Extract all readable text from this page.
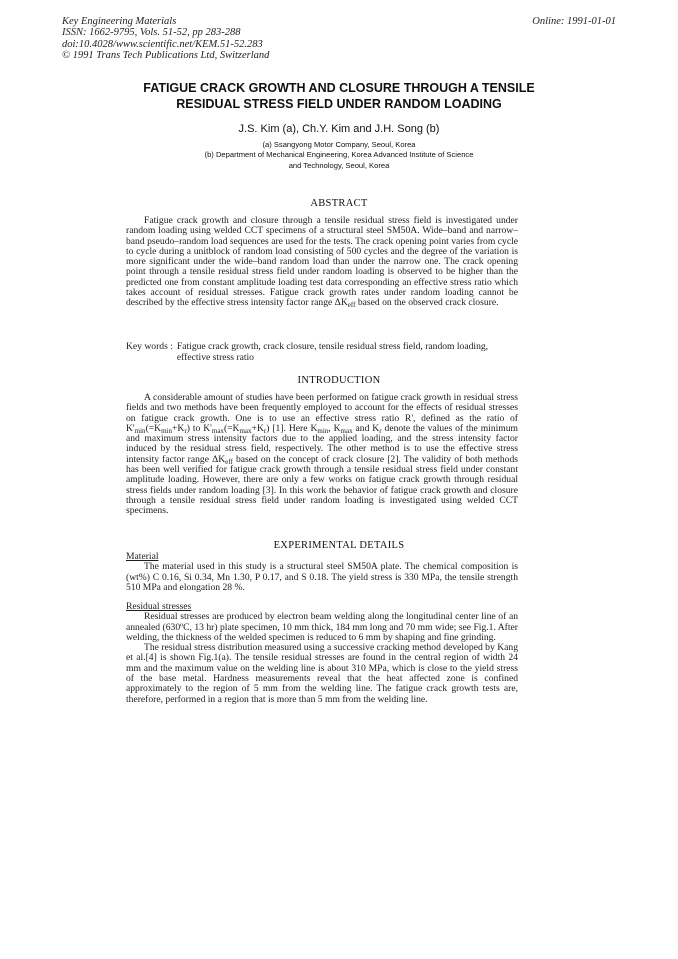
Key Engineering Materials
ISSN: 1662-9795, Vols. 51-52, pp 283-288
doi:10.4028/www.scientific.net/KEM.51-52.283
© 1991 Trans Tech Publications Ltd, Switzerland
Online: 1991-01-01
FATIGUE CRACK GROWTH AND CLOSURE THROUGH A TENSILE
RESIDUAL STRESS FIELD UNDER RANDOM LOADING
J.S. Kim (a), Ch.Y. Kim and J.H. Song (b)
(a) Ssangyong Motor Company, Seoul, Korea
(b) Department of Mechanical Engineering, Korea Advanced Institute of Science
and Technology, Seoul, Korea
ABSTRACT

Fatigue crack growth and closure through a tensile residual stress field is investigated under random loading using welded CCT specimens of a structural steel SM50A. Wide–band and narrow–band pseudo–random load sequences are used for the tests. The crack opening point varies from cycle to cycle during a unitblock of random load consisting of 500 cycles and the degree of the variation is more significant under the wide–band random load than under the narrow one. The crack opening point through a tensile residual stress field under random loading is observed to be higher than the predicted one from constant amplitude loading test data corresponding an effective stress ratio which takes account of residual stresses. Fatigue crack growth rates under random loading cannot be described by the effective stress intensity factor range $\Delta K_{eff}$ based on the observed crack closure.

Key words : Fatigue crack growth, crack closure, tensile residual stress field, random loading, effective stress ratio
INTRODUCTION

A considerable amount of studies have been performed on fatigue crack growth in residual stress fields and two methods have been frequently employed to account for the effects of residual stresses on fatigue crack growth. One is to use an effective stress ratio R', defined as the ratio of $K'_{min}(=K_{min}+K_r)$ to $K'_{max}(=K_{max}+K_r)$ [1]. Here $K_{min}$, $K_{max}$ and $K_r$ denote the values of the minimum and maximum stress intensity factors due to the applied loading, and the stress intensity factor induced by the residual stress field, respectively. The other method is to use the effective stress intensity factor range $\Delta K_{eff}$ based on the concept of crack closure [2]. The validity of both methods has been well verified for fatigue crack growth through a tensile residual stress field under constant amplitude loading. However, there are only a few works on fatigue crack growth through residual stress fields under random loading [3]. In this work the behavior of fatigue crack growth and closure through a tensile residual stress field under random loading is investigated using welded CCT specimens.

EXPERIMENTAL DETAILS
Material

The material used in this study is a structural steel SM50A plate. The chemical composition is (wt%) C 0.16, Si 0.34, Mn 1.30, P 0.17, and S 0.18. The yield stress is 330 MPa, the tensile strength 510 MPa and elongation 28 %.

Residual stresses

Residual stresses are produced by electron beam welding along the longitudinal center line of an annealed (630ºC, 13 hr) plate specimen, 10 mm thick, 184 mm long and 70 mm wide; see Fig.1. After welding, the thickness of the welded specimen is reduced to 6 mm by shaping and fine grinding.

The residual stress distribution measured using a successive cracking method developed by Kang et al.[4] is shown Fig.1(a). The tensile residual stresses are found in the central region of width 24 mm and the maximum value on the welding line is about 310 MPa, which is close to the yield stress of the base metal. Hardness measurements reveal that the heat affected zone is confined approximately to the region of 5 mm from the welding line. The fatigue crack growth tests are, therefore, performed in a region that is more than 5 mm from the welding line.
